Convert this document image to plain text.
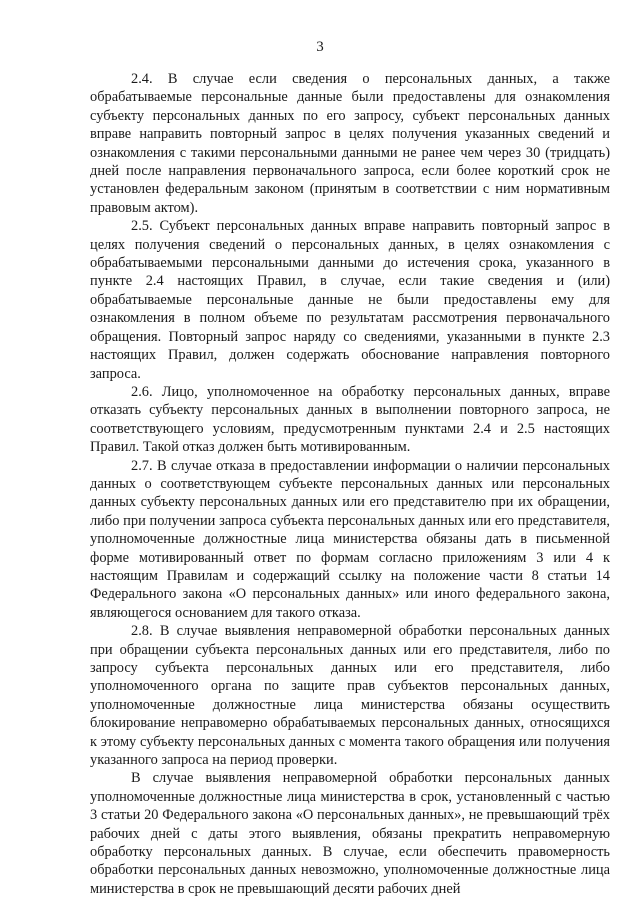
3

2.4. В случае если сведения о персональных данных, а также обрабатываемые персональные данные были предоставлены для ознакомления субъекту персональных данных по его запросу, субъект персональных данных вправе направить повторный запрос в целях получения указанных сведений и ознакомления с такими персональными данными не ранее чем через 30 (тридцать) дней после направления первоначального запроса, если более короткий срок не установлен федеральным законом (принятым в соответствии с ним нормативным правовым актом).

2.5. Субъект персональных данных вправе направить повторный запрос в целях получения сведений о персональных данных, в целях ознакомления с обрабатываемыми персональными данными до истечения срока, указанного в пункте 2.4 настоящих Правил, в случае, если такие сведения и (или) обрабатываемые персональные данные не были предоставлены ему для ознакомления в полном объеме по результатам рассмотрения первоначального обращения. Повторный запрос наряду со сведениями, указанными в пункте 2.3 настоящих Правил, должен содержать обоснование направления повторного запроса.

2.6. Лицо, уполномоченное на обработку персональных данных, вправе отказать субъекту персональных данных в выполнении повторного запроса, не соответствующего условиям, предусмотренным пунктами 2.4 и 2.5 настоящих Правил. Такой отказ должен быть мотивированным.

2.7. В случае отказа в предоставлении информации о наличии персональных данных о соответствующем субъекте персональных данных или персональных данных субъекту персональных данных или его представителю при их обращении, либо при получении запроса субъекта персональных данных или его представителя, уполномоченные должностные лица министерства обязаны дать в письменной форме мотивированный ответ по формам согласно приложениям 3 или 4 к настоящим Правилам и содержащий ссылку на положение части 8 статьи 14 Федерального закона «О персональных данных» или иного федерального закона, являющегося основанием для такого отказа.

2.8. В случае выявления неправомерной обработки персональных данных при обращении субъекта персональных данных или его представителя, либо по запросу субъекта персональных данных или его представителя, либо уполномоченного органа по защите прав субъектов персональных данных, уполномоченные должностные лица министерства обязаны осуществить блокирование неправомерно обрабатываемых персональных данных, относящихся к этому субъекту персональных данных с момента такого обращения или получения указанного запроса на период проверки.

В случае выявления неправомерной обработки персональных данных уполномоченные должностные лица министерства в срок, установленный с частью 3 статьи 20 Федерального закона «О персональных данных», не превышающий трёх рабочих дней с даты этого выявления, обязаны прекратить неправомерную обработку персональных данных. В случае, если обеспечить правомерность обработки персональных данных невозможно, уполномоченные должностные лица министерства в срок не превышающий десяти рабочих дней
